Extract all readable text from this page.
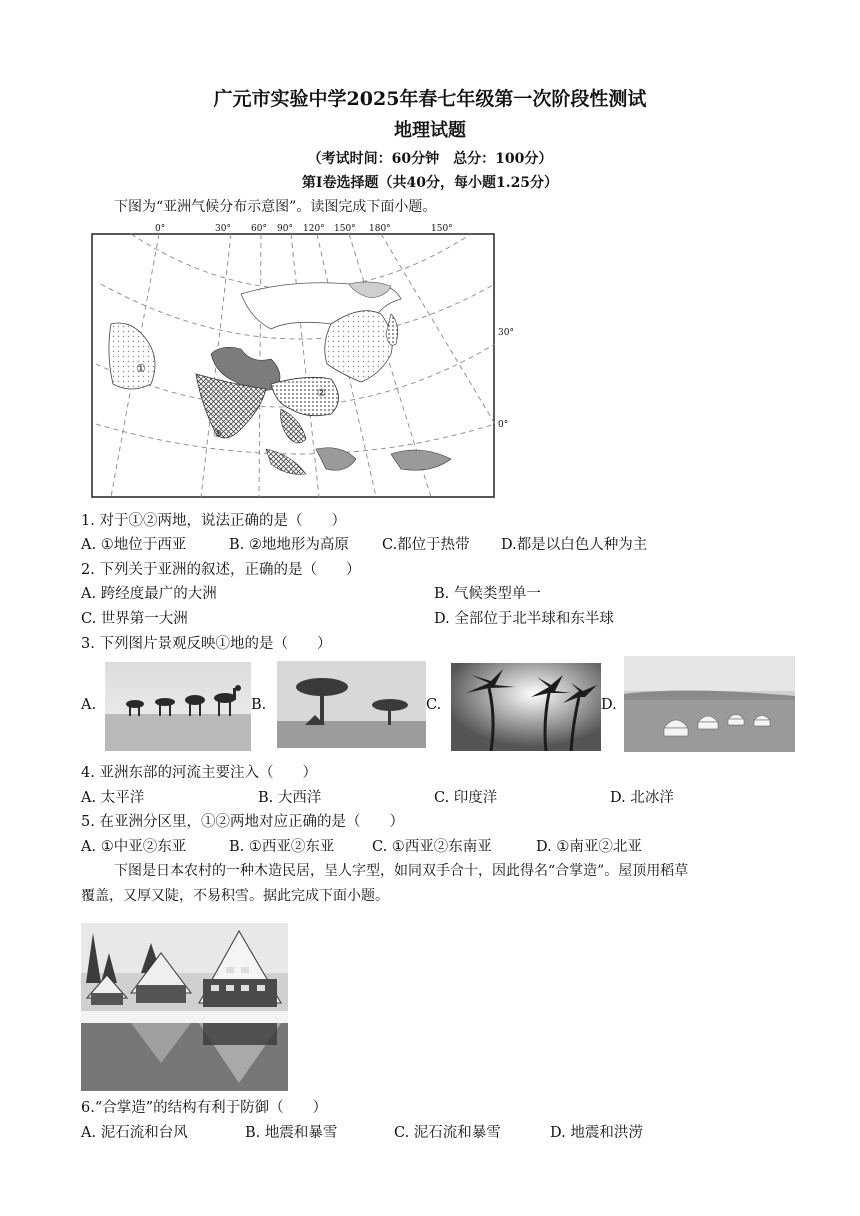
广元市实验中学2025年春七年级第一次阶段性测试
地理试题
（考试时间：60分钟　总分：100分）
第Ⅰ卷选择题（共40分，每小题1.25分）
下图为“亚洲气候分布示意图”。读图完成下面小题。
①
②
③
0°	30° 60° 90° 120° 150° 180°	150°
30°
0°
1. 对于①②两地，说法正确的是（　　）
A. ①地位于西亚	B. ②地地形为高原 C.都位于热带 D.都是以白色人种为主
2. 下列关于亚洲的叙述，正确的是（　　）
A. 跨经度最广的大洲	B. 气候类型单一
C. 世界第一大洲	D. 全部位于北半球和东半球
3. 下列图片景观反映①地的是（　　）
A.	B.	C.	D.
4. 亚洲东部的河流主要注入（　　）
A. 太平洋	B. 大西洋	C. 印度洋	D. 北冰洋
5. 在亚洲分区里，①②两地对应正确的是（　　）
A. ①中亚②东亚	B. ①西亚②东亚	C. ①西亚②东南亚	D. ①南亚②北亚
下图是日本农村的一种木造民居，呈人字型，如同双手合十，因此得名“合掌造”。屋顶用稻草
覆盖，又厚又陡，不易积雪。据此完成下面小题。
6.“合掌造”的结构有利于防御（　　）
A. 泥石流和台风	B. 地震和暴雪	C. 泥石流和暴雪	D. 地震和洪涝
